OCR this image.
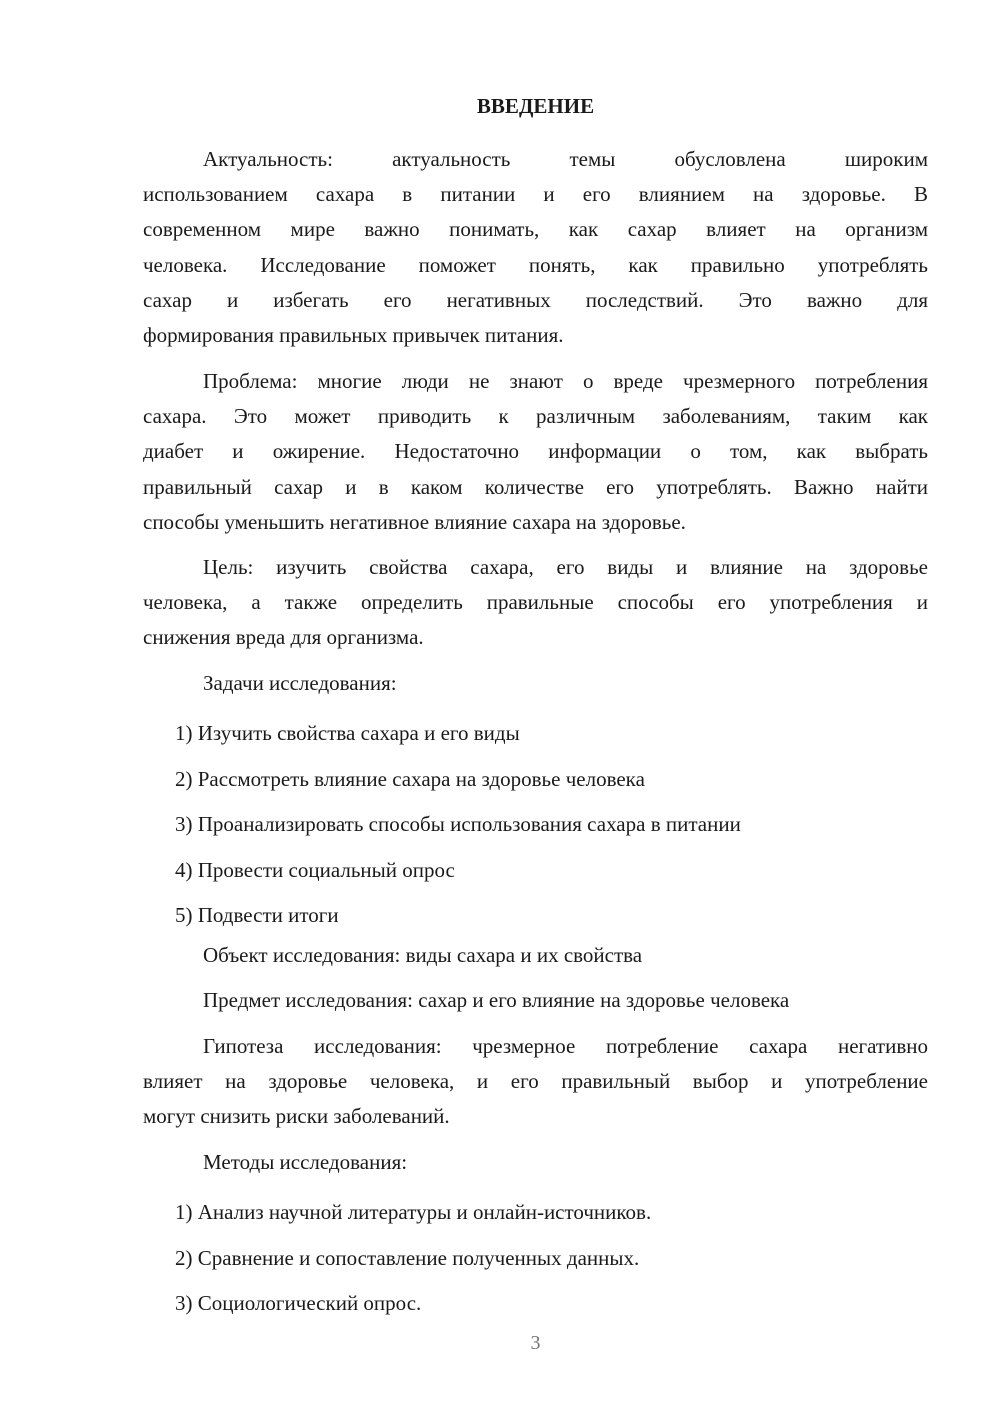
ВВЕДЕНИЕ
Актуальность: актуальность темы обусловлена широким
использованием сахара в питании и его влиянием на здоровье. В
современном мире важно понимать, как сахар влияет на организм
человека. Исследование поможет понять, как правильно употреблять
сахар и избегать его негативных последствий. Это важно для
формирования правильных привычек питания.
Проблема: многие люди не знают о вреде чрезмерного потребления
сахара. Это может приводить к различным заболеваниям, таким как
диабет и ожирение. Недостаточно информации о том, как выбрать
правильный сахар и в каком количестве его употреблять. Важно найти
способы уменьшить негативное влияние сахара на здоровье.
Цель: изучить свойства сахара, его виды и влияние на здоровье
человека, а также определить правильные способы его употребления и
снижения вреда для организма.
Задачи исследования:
1) Изучить свойства сахара и его виды
2) Рассмотреть влияние сахара на здоровье человека
3) Проанализировать способы использования сахара в питании
4) Провести социальный опрос
5) Подвести итоги
Объект исследования: виды сахара и их свойства
Предмет исследования: сахар и его влияние на здоровье человека
Гипотеза исследования: чрезмерное потребление сахара негативно
влияет на здоровье человека, и его правильный выбор и употребление
могут снизить риски заболеваний.
Методы исследования:
1) Анализ научной литературы и онлайн-источников.
2) Сравнение и сопоставление полученных данных.
3) Социологический опрос.
3
